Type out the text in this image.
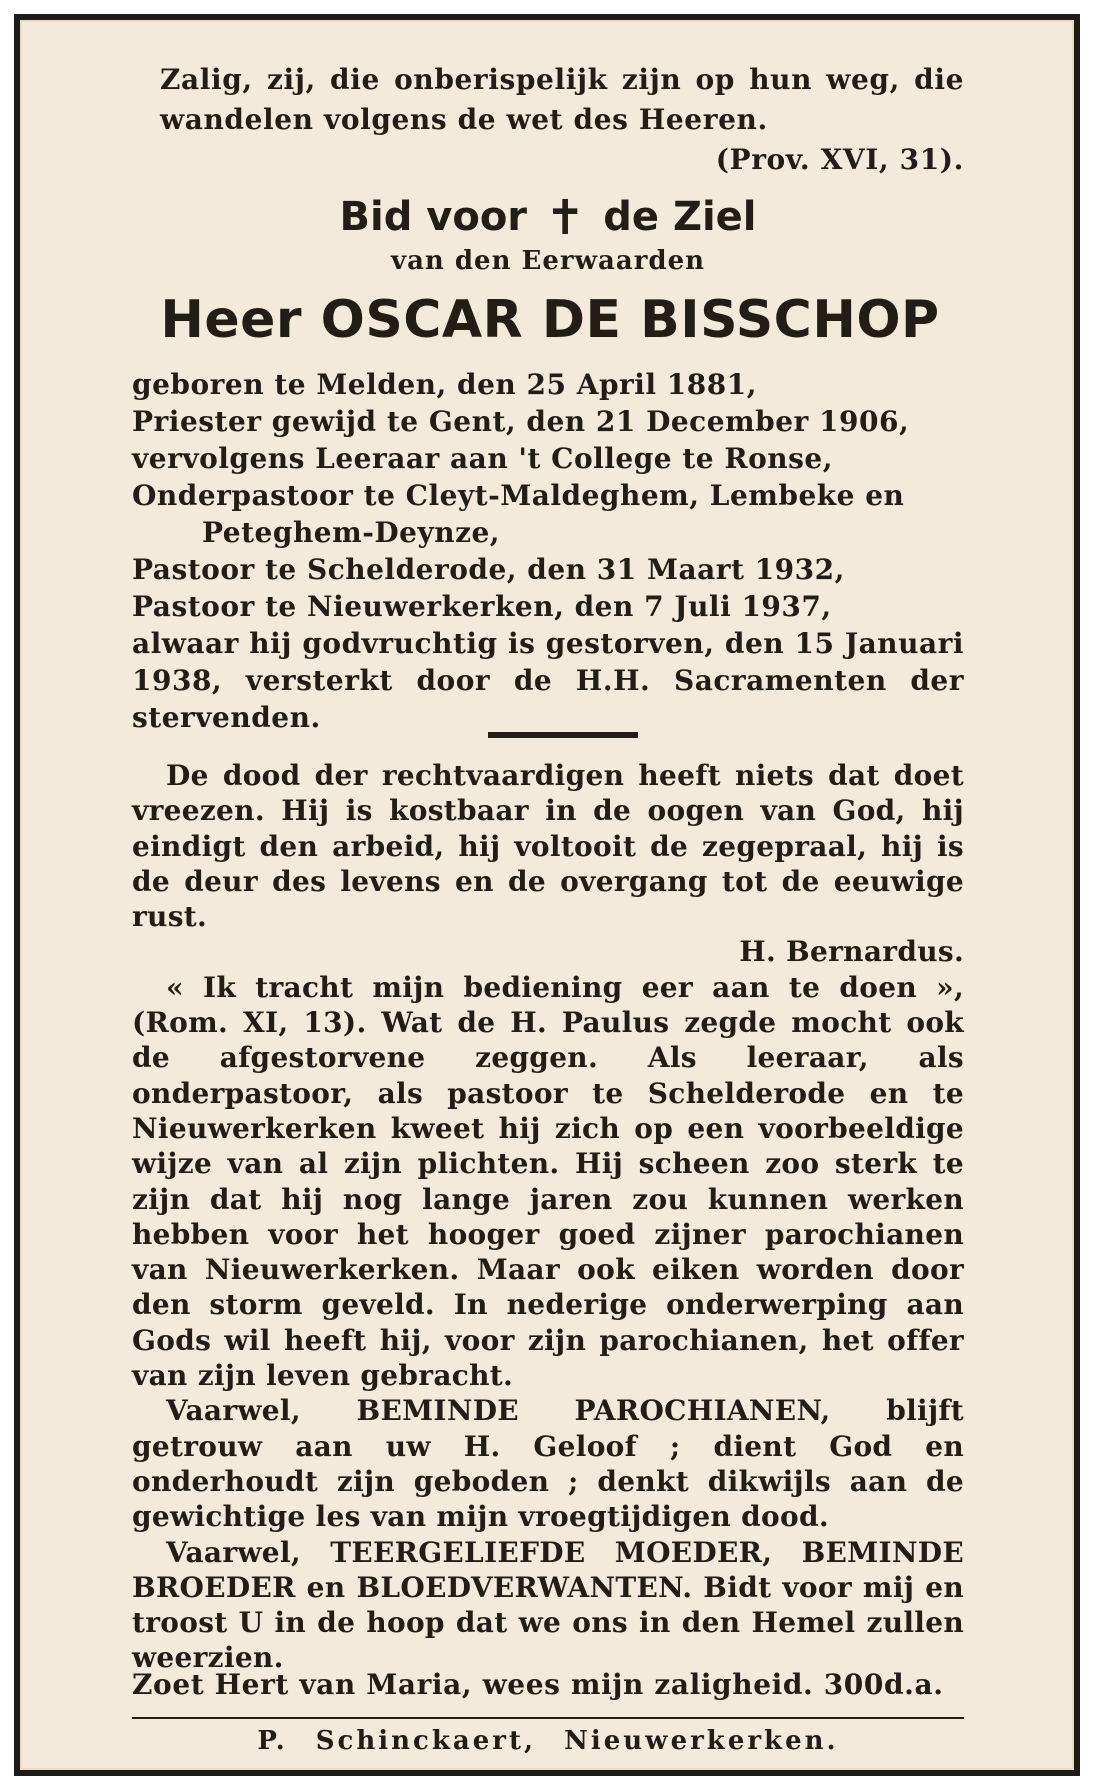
Zalig, zij, die onberispelijk zijn op hun weg, die wandelen volgens de wet des Heeren.
(Prov. XVI, 31).
Bid voor ✝ de Ziel
van den Eerwaarden
Heer OSCAR DE BISSCHOP
geboren te Melden, den 25 April 1881,
Priester gewijd te Gent, den 21 December 1906,
vervolgens Leeraar aan 't College te Ronse,
Onderpastoor te Cleyt-Maldeghem, Lembeke en
Peteghem-Deynze,
Pastoor te Schelderode, den 31 Maart 1932,
Pastoor te Nieuwerkerken, den 7 Juli 1937,
alwaar hij godvruchtig is gestorven, den 15 Januari 1938, versterkt door de H.H. Sacramenten der stervenden.

De dood der rechtvaardigen heeft niets dat doet vreezen. Hij is kostbaar in de oogen van God, hij eindigt den arbeid, hij voltooit de zegepraal, hij is de deur des levens en de overgang tot de eeuwige rust.
H. Bernardus.

« Ik tracht mijn bediening eer aan te doen », (Rom. XI, 13). Wat de H. Paulus zegde mocht ook de afgestorvene zeggen. Als leeraar, als onderpastoor, als pastoor te Schelderode en te Nieuwerkerken kweet hij zich op een voorbeeldige wijze van al zijn plichten. Hij scheen zoo sterk te zijn dat hij nog lange jaren zou kunnen werken hebben voor het hooger goed zijner parochianen van Nieuwerkerken. Maar ook eiken worden door den storm geveld. In nederige onderwerping aan Gods wil heeft hij, voor zijn parochianen, het offer van zijn leven gebracht.

Vaarwel, BEMINDE PAROCHIANEN, blijft getrouw aan uw H. Geloof ; dient God en onderhoudt zijn geboden ; denkt dikwijls aan de gewichtige les van mijn vroegtijdigen dood.

Vaarwel, TEERGELIEFDE MOEDER, BEMINDE BROEDER en BLOEDVERWANTEN. Bidt voor mij en troost U in de hoop dat we ons in den Hemel zullen weerzien.

Zoet Hert van Maria, wees mijn zaligheid. 300d.a.
P. Schinckaert, Nieuwerkerken.
